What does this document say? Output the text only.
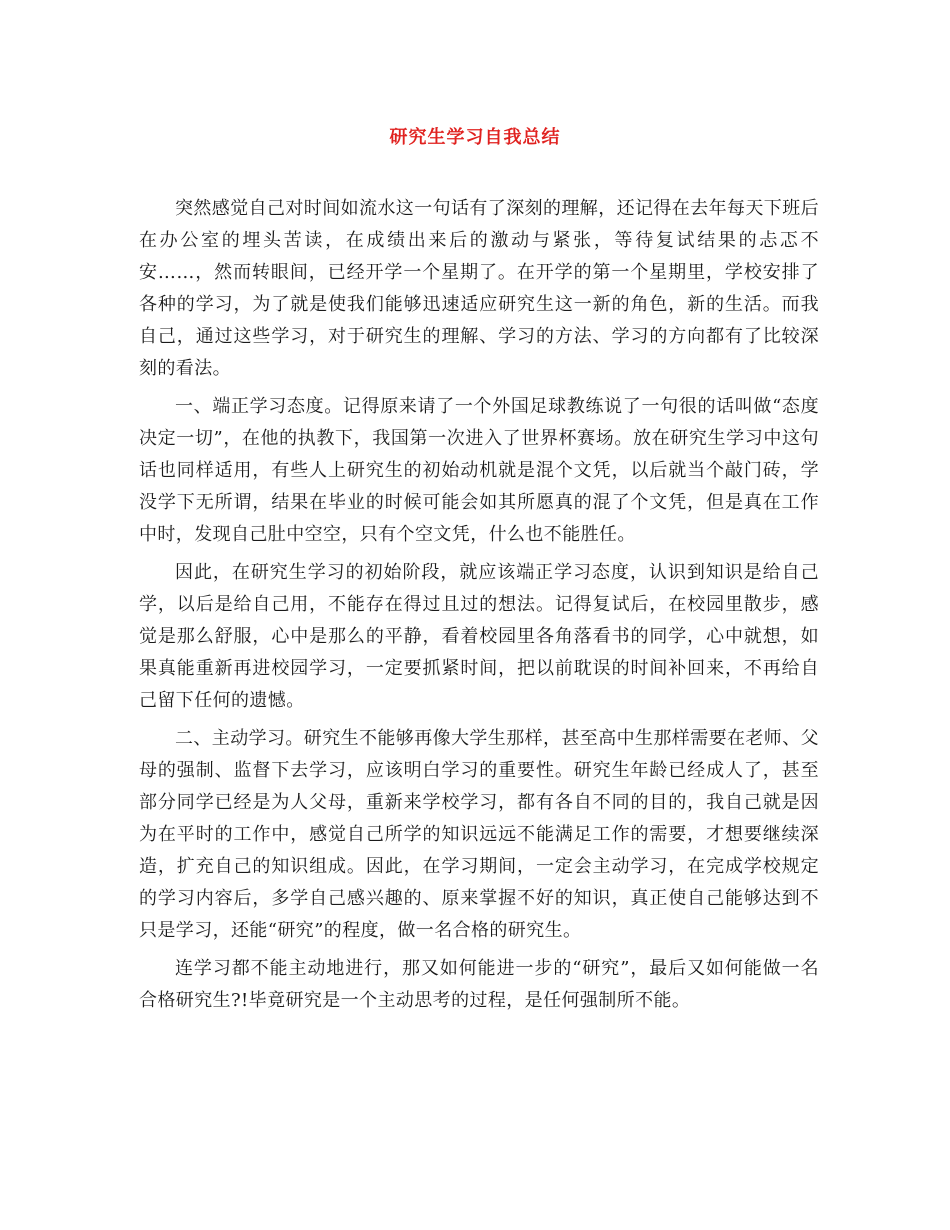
研究生学习自我总结

突然感觉自己对时间如流水这一句话有了深刻的理解，还记得在去年每天下班后在办公室的埋头苦读，在成绩出来后的激动与紧张，等待复试结果的忐忑不安……，然而转眼间，已经开学一个星期了。在开学的第一个星期里，学校安排了各种的学习，为了就是使我们能够迅速适应研究生这一新的角色，新的生活。而我自己，通过这些学习，对于研究生的理解、学习的方法、学习的方向都有了比较深刻的看法。

一、端正学习态度。记得原来请了一个外国足球教练说了一句很的话叫做“态度决定一切”，在他的执教下，我国第一次进入了世界杯赛场。放在研究生学习中这句话也同样适用，有些人上研究生的初始动机就是混个文凭，以后就当个敲门砖，学没学下无所谓，结果在毕业的时候可能会如其所愿真的混了个文凭，但是真在工作中时，发现自己肚中空空，只有个空文凭，什么也不能胜任。

因此，在研究生学习的初始阶段，就应该端正学习态度，认识到知识是给自己学，以后是给自己用，不能存在得过且过的想法。记得复试后，在校园里散步，感觉是那么舒服，心中是那么的平静，看着校园里各角落看书的同学，心中就想，如果真能重新再进校园学习，一定要抓紧时间，把以前耽误的时间补回来，不再给自己留下任何的遗憾。

二、主动学习。研究生不能够再像大学生那样，甚至高中生那样需要在老师、父母的强制、监督下去学习，应该明白学习的重要性。研究生年龄已经成人了，甚至部分同学已经是为人父母，重新来学校学习，都有各自不同的目的，我自己就是因为在平时的工作中，感觉自己所学的知识远远不能满足工作的需要，才想要继续深造，扩充自己的知识组成。因此，在学习期间，一定会主动学习，在完成学校规定的学习内容后，多学自己感兴趣的、原来掌握不好的知识，真正使自己能够达到不只是学习，还能“研究”的程度，做一名合格的研究生。

连学习都不能主动地进行，那又如何能进一步的“研究”，最后又如何能做一名合格研究生?!毕竟研究是一个主动思考的过程，是任何强制所不能。
